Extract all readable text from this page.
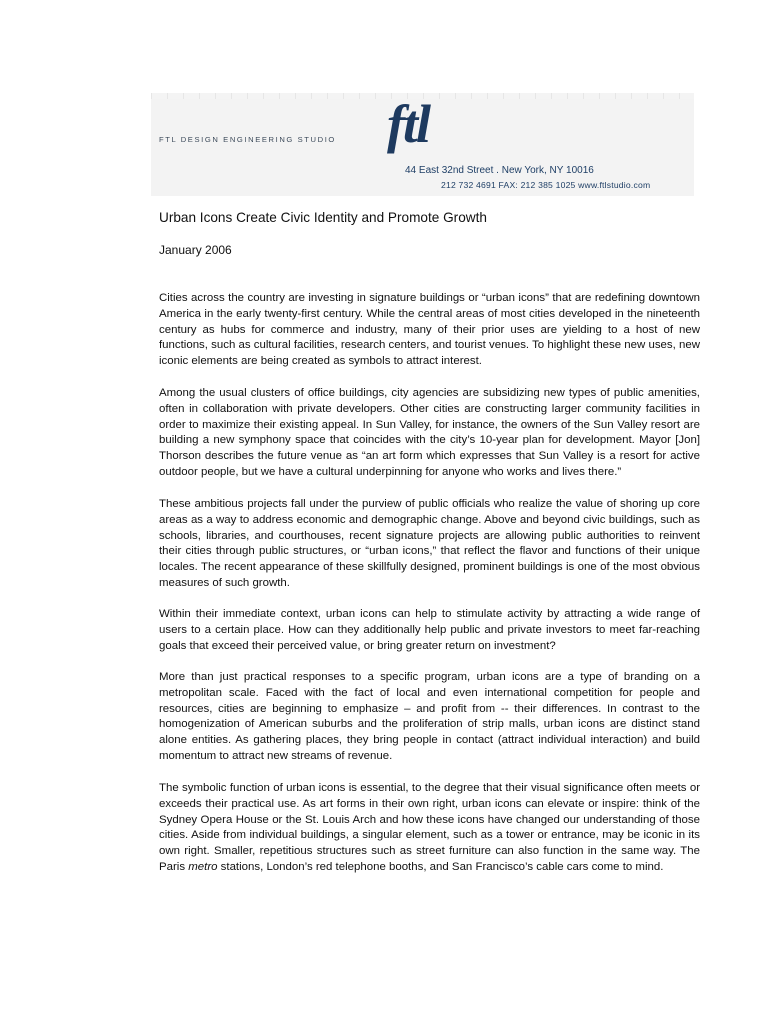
FTL DESIGN ENGINEERING STUDIO ftl
44 East 32nd Street . New York, NY 10016
212 732 4691 FAX: 212 385 1025 www.ftlstudio.com
Urban Icons Create Civic Identity and Promote Growth
January 2006

Cities across the country are investing in signature buildings or “urban icons” that are redefining downtown America in the early twenty-first century. While the central areas of most cities developed in the nineteenth century as hubs for commerce and industry, many of their prior uses are yielding to a host of new functions, such as cultural facilities, research centers, and tourist venues. To highlight these new uses, new iconic elements are being created as symbols to attract interest.

Among the usual clusters of office buildings, city agencies are subsidizing new types of public amenities, often in collaboration with private developers. Other cities are constructing larger community facilities in order to maximize their existing appeal. In Sun Valley, for instance, the owners of the Sun Valley resort are building a new symphony space that coincides with the city’s 10-year plan for development. Mayor [Jon] Thorson describes the future venue as “an art form which expresses that Sun Valley is a resort for active outdoor people, but we have a cultural underpinning for anyone who works and lives there.”

These ambitious projects fall under the purview of public officials who realize the value of shoring up core areas as a way to address economic and demographic change. Above and beyond civic buildings, such as schools, libraries, and courthouses, recent signature projects are allowing public authorities to reinvent their cities through public structures, or “urban icons,” that reflect the flavor and functions of their unique locales. The recent appearance of these skillfully designed, prominent buildings is one of the most obvious measures of such growth.

Within their immediate context, urban icons can help to stimulate activity by attracting a wide range of users to a certain place. How can they additionally help public and private investors to meet far-reaching goals that exceed their perceived value, or bring greater return on investment?

More than just practical responses to a specific program, urban icons are a type of branding on a metropolitan scale. Faced with the fact of local and even international competition for people and resources, cities are beginning to emphasize – and profit from -- their differences. In contrast to the homogenization of American suburbs and the proliferation of strip malls, urban icons are distinct stand alone entities. As gathering places, they bring people in contact (attract individual interaction) and build momentum to attract new streams of revenue.

The symbolic function of urban icons is essential, to the degree that their visual significance often meets or exceeds their practical use. As art forms in their own right, urban icons can elevate or inspire: think of the Sydney Opera House or the St. Louis Arch and how these icons have changed our understanding of those cities. Aside from individual buildings, a singular element, such as a tower or entrance, may be iconic in its own right. Smaller, repetitious structures such as street furniture can also function in the same way. The Paris metro stations, London’s red telephone booths, and San Francisco’s cable cars come to mind.
